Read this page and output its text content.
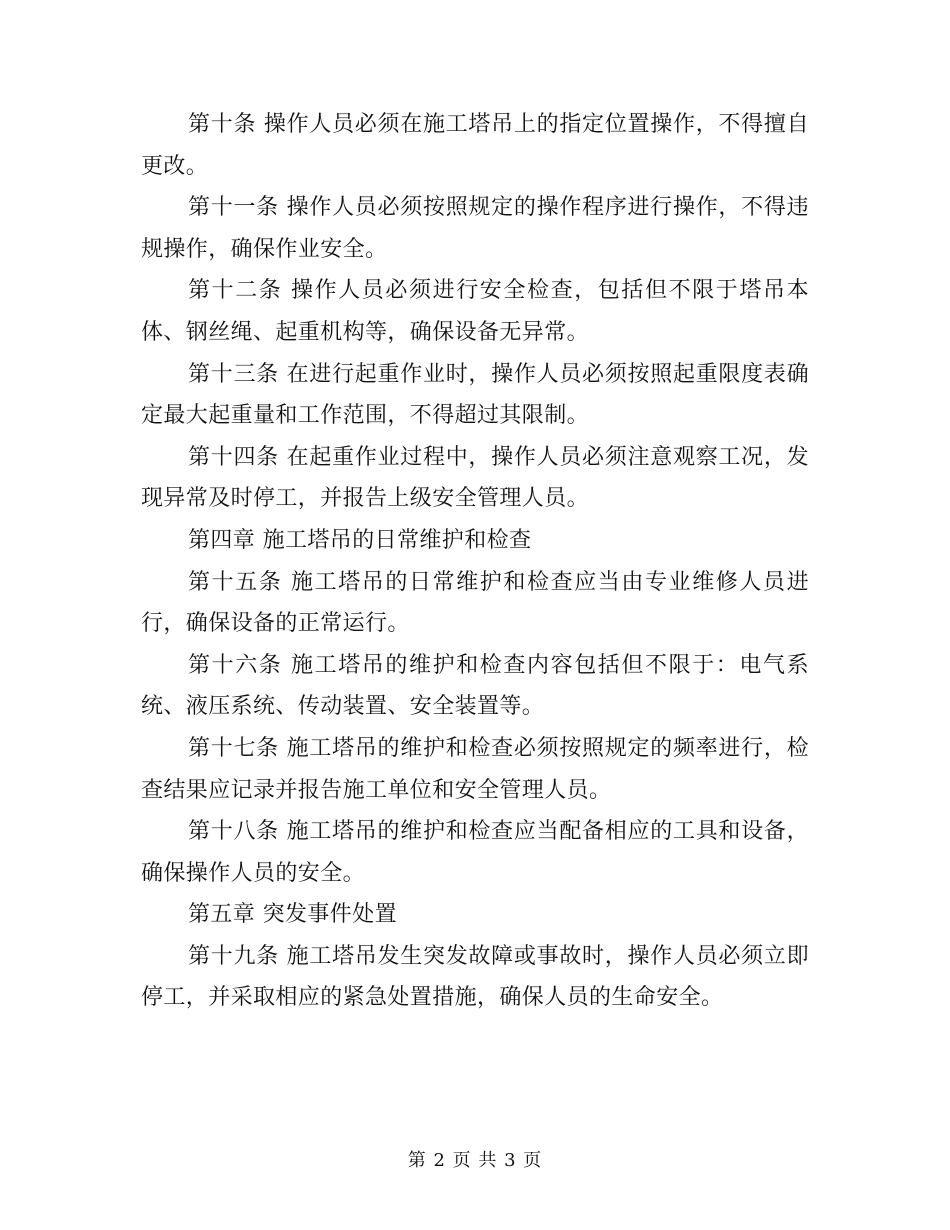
第十条 操作人员必须在施工塔吊上的指定位置操作，不得擅自更改。

第十一条 操作人员必须按照规定的操作程序进行操作，不得违规操作，确保作业安全。

第十二条 操作人员必须进行安全检查，包括但不限于塔吊本体、钢丝绳、起重机构等，确保设备无异常。

第十三条 在进行起重作业时，操作人员必须按照起重限度表确定最大起重量和工作范围，不得超过其限制。

第十四条 在起重作业过程中，操作人员必须注意观察工况，发现异常及时停工，并报告上级安全管理人员。

第四章 施工塔吊的日常维护和检查

第十五条 施工塔吊的日常维护和检查应当由专业维修人员进行，确保设备的正常运行。

第十六条 施工塔吊的维护和检查内容包括但不限于：电气系统、液压系统、传动装置、安全装置等。

第十七条 施工塔吊的维护和检查必须按照规定的频率进行，检查结果应记录并报告施工单位和安全管理人员。

第十八条 施工塔吊的维护和检查应当配备相应的工具和设备，确保操作人员的安全。

第五章 突发事件处置

第十九条 施工塔吊发生突发故障或事故时，操作人员必须立即停工，并采取相应的紧急处置措施，确保人员的生命安全。

第 2 页 共 3 页
